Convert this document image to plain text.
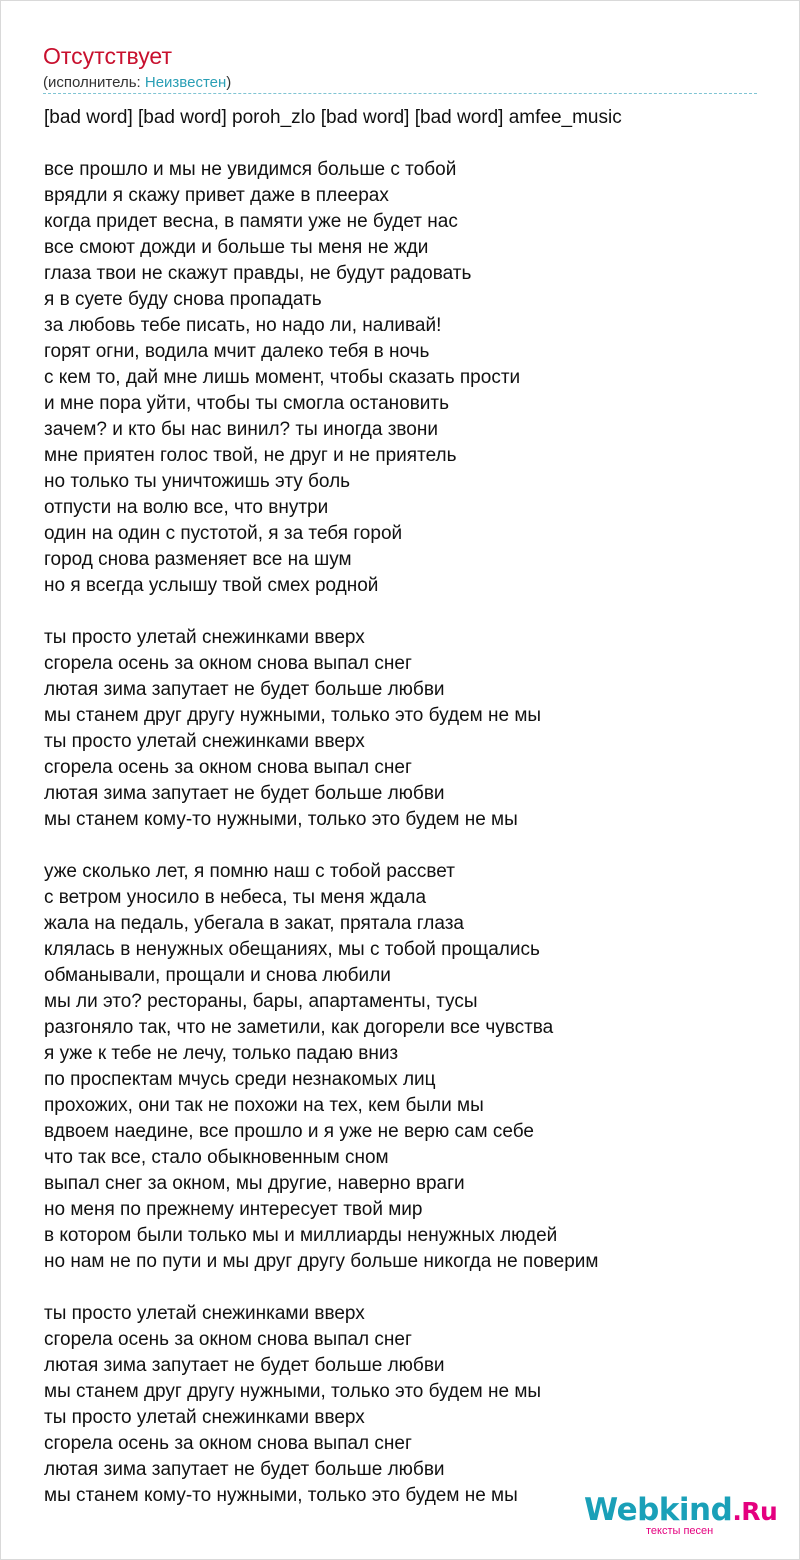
Отсутствует
(исполнитель: Неизвестен)
[bad word] [bad word] poroh_zlo [bad word] [bad word] amfee_music
все прошло и мы не увидимся больше с тобой
врядли я скажу привет даже в плеерах
когда придет весна, в памяти уже не будет нас
все смоют дожди и больше ты меня не жди
глаза твои не скажут правды, не будут радовать
я в суете буду снова пропадать
за любовь тебе писать, но надо ли, наливай!
горят огни, водила мчит далеко тебя в ночь
с кем то, дай мне лишь момент, чтобы сказать прости
и мне пора уйти, чтобы ты смогла остановить
зачем? и кто бы нас винил? ты иногда звони
мне приятен голос твой, не друг и не приятель
но только ты уничтожишь эту боль
отпусти на волю все, что внутри
один на один с пустотой, я за тебя горой
город снова разменяет все на шум
но я всегда услышу твой смех родной
ты просто улетай снежинками вверх
сгорела осень за окном снова выпал снег
лютая зима запутает не будет больше любви
мы станем друг другу нужными, только это будем не мы
ты просто улетай снежинками вверх
сгорела осень за окном снова выпал снег
лютая зима запутает не будет больше любви
мы станем кому-то нужными, только это будем не мы
уже сколько лет, я помню наш с тобой рассвет
с ветром уносило в небеса, ты меня ждала
жала на педаль, убегала в закат, прятала глаза
клялась в ненужных обещаниях, мы с тобой прощались
обманывали, прощали и снова любили
мы ли это? рестораны, бары, апартаменты, тусы
разгоняло так, что не заметили, как догорели все чувства
я уже к тебе не лечу, только падаю вниз
по проспектам мчусь среди незнакомых лиц
прохожих, они так не похожи на тех, кем были мы
вдвоем наедине, все прошло и я уже не верю сам себе
что так все, стало обыкновенным сном
выпал снег за окном, мы другие, наверно враги
но меня по прежнему интересует твой мир
в котором были только мы и миллиарды ненужных людей
но нам не по пути и мы друг другу больше никогда не поверим
ты просто улетай снежинками вверх
сгорела осень за окном снова выпал снег
лютая зима запутает не будет больше любви
мы станем друг другу нужными, только это будем не мы
ты просто улетай снежинками вверх
сгорела осень за окном снова выпал снег
лютая зима запутает не будет больше любви
мы станем кому-то нужными, только это будем не мы	Webkind.Ru
тексты песен
